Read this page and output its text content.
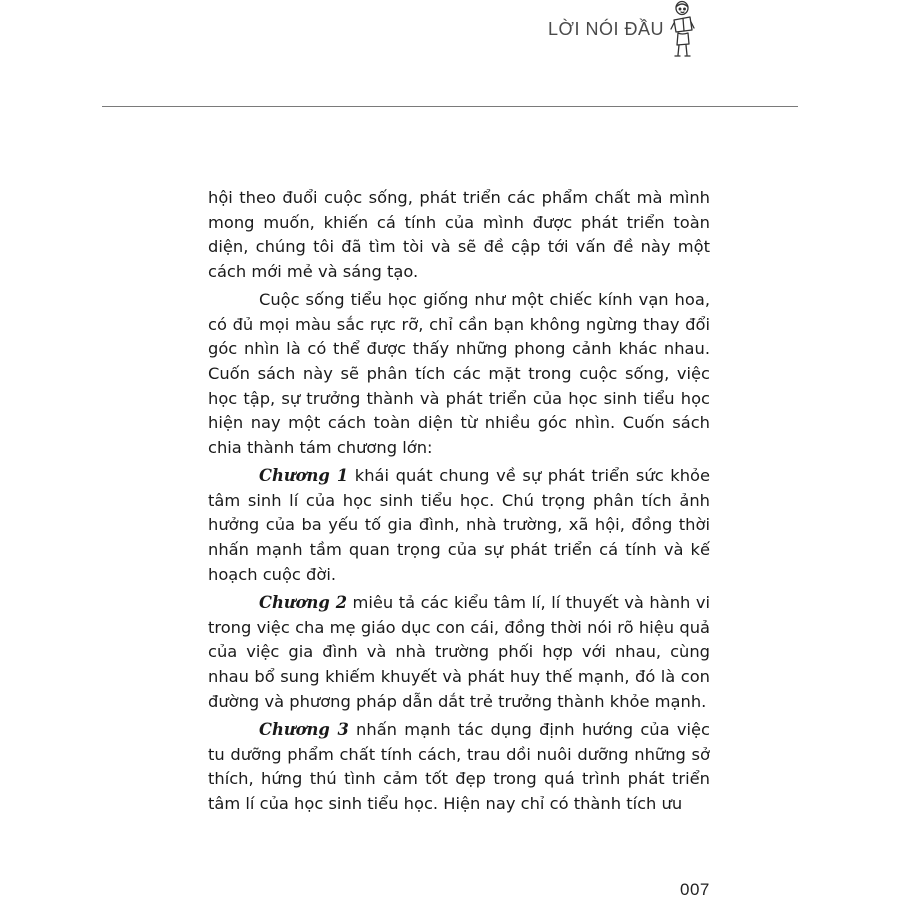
LỜI NÓI ĐẦU

hội theo đuổi cuộc sống, phát triển các phẩm chất mà mình mong muốn, khiến cá tính của mình được phát triển toàn diện, chúng tôi đã tìm tòi và sẽ đề cập tới vấn đề này một cách mới mẻ và sáng tạo.

Cuộc sống tiểu học giống như một chiếc kính vạn hoa, có đủ mọi màu sắc rực rỡ, chỉ cần bạn không ngừng thay đổi góc nhìn là có thể được thấy những phong cảnh khác nhau. Cuốn sách này sẽ phân tích các mặt trong cuộc sống, việc học tập, sự trưởng thành và phát triển của học sinh tiểu học hiện nay một cách toàn diện từ nhiều góc nhìn. Cuốn sách chia thành tám chương lớn:

Chương 1 khái quát chung về sự phát triển sức khỏe tâm sinh lí của học sinh tiểu học. Chú trọng phân tích ảnh hưởng của ba yếu tố gia đình, nhà trường, xã hội, đồng thời nhấn mạnh tầm quan trọng của sự phát triển cá tính và kế hoạch cuộc đời.

Chương 2 miêu tả các kiểu tâm lí, lí thuyết và hành vi trong việc cha mẹ giáo dục con cái, đồng thời nói rõ hiệu quả của việc gia đình và nhà trường phối hợp với nhau, cùng nhau bổ sung khiếm khuyết và phát huy thế mạnh, đó là con đường và phương pháp dẫn dắt trẻ trưởng thành khỏe mạnh.

Chương 3 nhấn mạnh tác dụng định hướng của việc tu dưỡng phẩm chất tính cách, trau dồi nuôi dưỡng những sở thích, hứng thú tình cảm tốt đẹp trong quá trình phát triển tâm lí của học sinh tiểu học. Hiện nay chỉ có thành tích ưu

007
